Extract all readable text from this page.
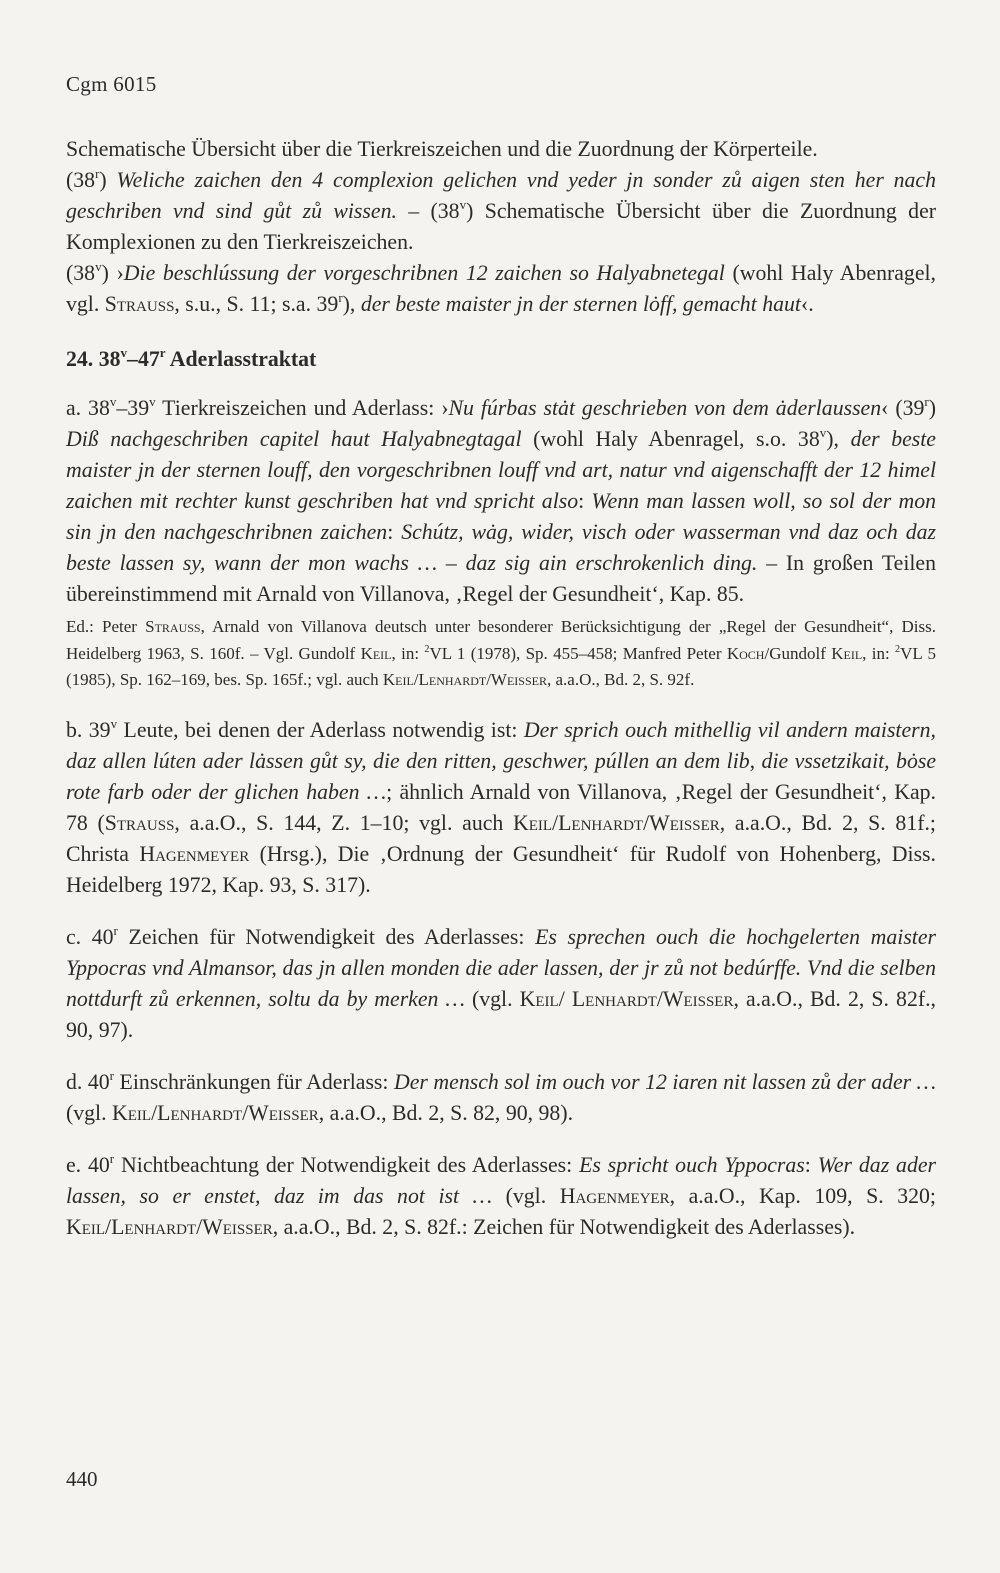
Cgm 6015

Schematische Übersicht über die Tierkreiszeichen und die Zuordnung der Körperteile.
(38$^r$) Weliche zaichen den 4 complexion gelichen vnd yeder jn sonder zů aigen sten her nach geschriben vnd sind gůt zů wissen. – (38$^v$) Schematische Übersicht über die Zuordnung der Komplexionen zu den Tierkreiszeichen.
(38$^v$) ›Die beschlússung der vorgeschribnen 12 zaichen so Halyabnetegal (wohl Haly Abenragel, vgl. Strauss, s.u., S. 11; s.a. 39$^r$), der beste maister jn der sternen lȯff, gemacht haut‹.

24. 38$^v$–47$^r$ Aderlasstraktat

a. 38$^v$–39$^v$ Tierkreiszeichen und Aderlass: ›Nu fúrbas stȧt geschrieben von dem ȧderlaussen‹ (39$^r$) Diß nachgeschriben capitel haut Halyabnegtagal (wohl Haly Abenragel, s.o. 38$^v$), der beste maister jn der sternen louff, den vorgeschribnen louff vnd art, natur vnd aigenschafft der 12 himel zaichen mit rechter kunst geschriben hat vnd spricht also: Wenn man lassen woll, so sol der mon sin jn den nachgeschribnen zaichen: Schútz, wȧg, wider, visch oder wasserman vnd daz och daz beste lassen sy, wann der mon wachs … – daz sig ain erschrokenlich ding. – In großen Teilen übereinstimmend mit Arnald von Villanova, ‚Regel der Gesundheit‘, Kap. 85.

Ed.: Peter Strauss, Arnald von Villanova deutsch unter besonderer Berücksichtigung der „Regel der Gesundheit“, Diss. Heidelberg 1963, S. 160f. – Vgl. Gundolf Keil, in: $^2$VL 1 (1978), Sp. 455–458; Manfred Peter Koch/Gundolf Keil, in: $^2$VL 5 (1985), Sp. 162–169, bes. Sp. 165f.; vgl. auch Keil/Lenhardt/Weisser, a.a.O., Bd. 2, S. 92f.

b. 39$^v$ Leute, bei denen der Aderlass notwendig ist: Der sprich ouch mithellig vil andern maistern, daz allen lúten ader lȧssen gůt sy, die den ritten, geschwer, púllen an dem lib, die vssetzikait, bȯse rote farb oder der glichen haben …; ähnlich Arnald von Villanova, ‚Regel der Gesundheit‘, Kap. 78 (Strauss, a.a.O., S. 144, Z. 1–10; vgl. auch Keil/Lenhardt/Weisser, a.a.O., Bd. 2, S. 81f.; Christa Hagenmeyer (Hrsg.), Die ‚Ordnung der Gesundheit‘ für Rudolf von Hohenberg, Diss. Heidelberg 1972, Kap. 93, S. 317).

c. 40$^r$ Zeichen für Notwendigkeit des Aderlasses: Es sprechen ouch die hochgelerten maister Yppocras vnd Almansor, das jn allen monden die ader lassen, der jr zů not bedúrffe. Vnd die selben nottdurft zů erkennen, soltu da by merken … (vgl. Keil/ Lenhardt/Weisser, a.a.O., Bd. 2, S. 82f., 90, 97).

d. 40$^r$ Einschränkungen für Aderlass: Der mensch sol im ouch vor 12 iaren nit lassen zů der ader … (vgl. Keil/Lenhardt/Weisser, a.a.O., Bd. 2, S. 82, 90, 98).

e. 40$^r$ Nichtbeachtung der Notwendigkeit des Aderlasses: Es spricht ouch Yppocras: Wer daz ader lassen, so er enstet, daz im das not ist … (vgl. Hagenmeyer, a.a.O., Kap. 109, S. 320; Keil/Lenhardt/Weisser, a.a.O., Bd. 2, S. 82f.: Zeichen für Notwendigkeit des Aderlasses).

440
